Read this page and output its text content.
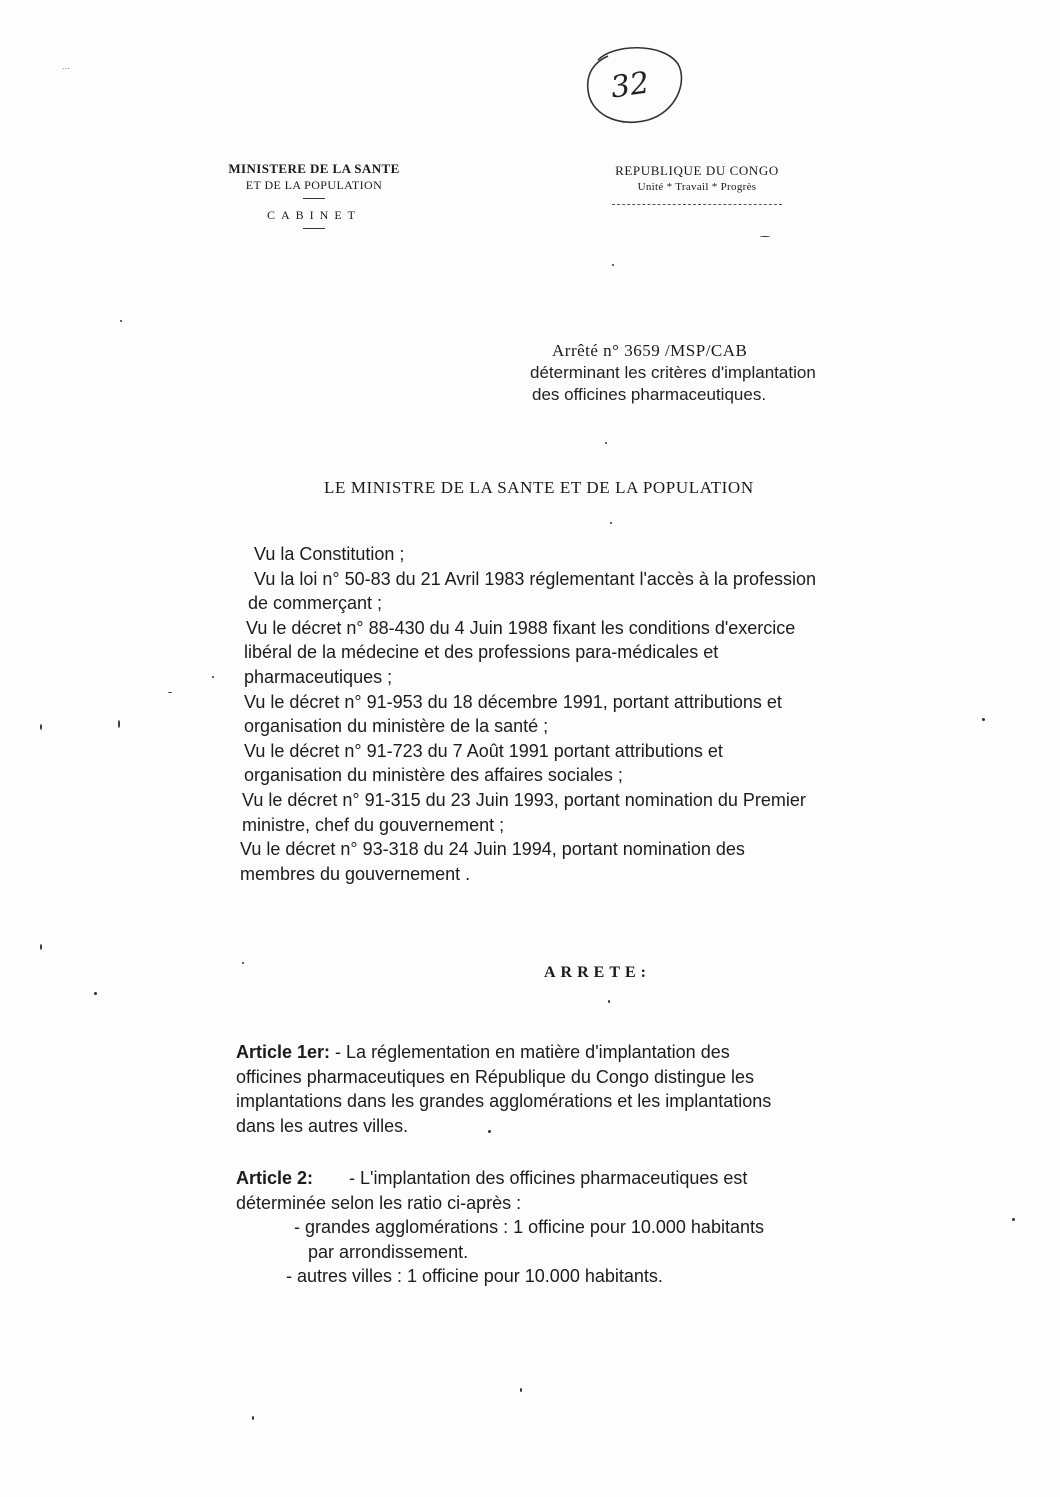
...	32
MINISTERE DE LA SANTE
ET DE LA POPULATION
CABINET
REPUBLIQUE DU CONGO
Unité * Travail * Progrès
Arrêté n° 3659 /MSP/CAB
déterminant les critères d'implantation
des officines pharmaceutiques.
LE MINISTRE DE LA SANTE ET DE LA POPULATION
Vu la Constitution ;
Vu la loi n° 50-83 du 21 Avril 1983 réglementant l'accès à la profession
de commerçant ;
Vu le décret n° 88-430 du 4 Juin 1988 fixant les conditions d'exercice
libéral de la médecine et des professions para-médicales et
pharmaceutiques ;
Vu le décret n° 91-953 du 18 décembre 1991, portant attributions et
organisation du ministère de la santé ;
Vu le décret n° 91-723 du 7 Août 1991 portant attributions et
organisation du ministère des affaires sociales ;
Vu le décret n° 91-315 du 23 Juin 1993, portant nomination du Premier
ministre, chef du gouvernement ;
Vu le décret n° 93-318 du 24 Juin 1994, portant nomination des
membres du gouvernement .
ARRETE:
Article 1er: - La réglementation en matière d'implantation des
officines pharmaceutiques en République du Congo distingue les
implantations dans les grandes agglomérations et les implantations
dans les autres villes.
Article 2: - L'implantation des officines pharmaceutiques est
déterminée selon les ratio ci-après :
- grandes agglomérations : 1 officine pour 10.000 habitants
par arrondissement.
- autres villes : 1 officine pour 10.000 habitants.
